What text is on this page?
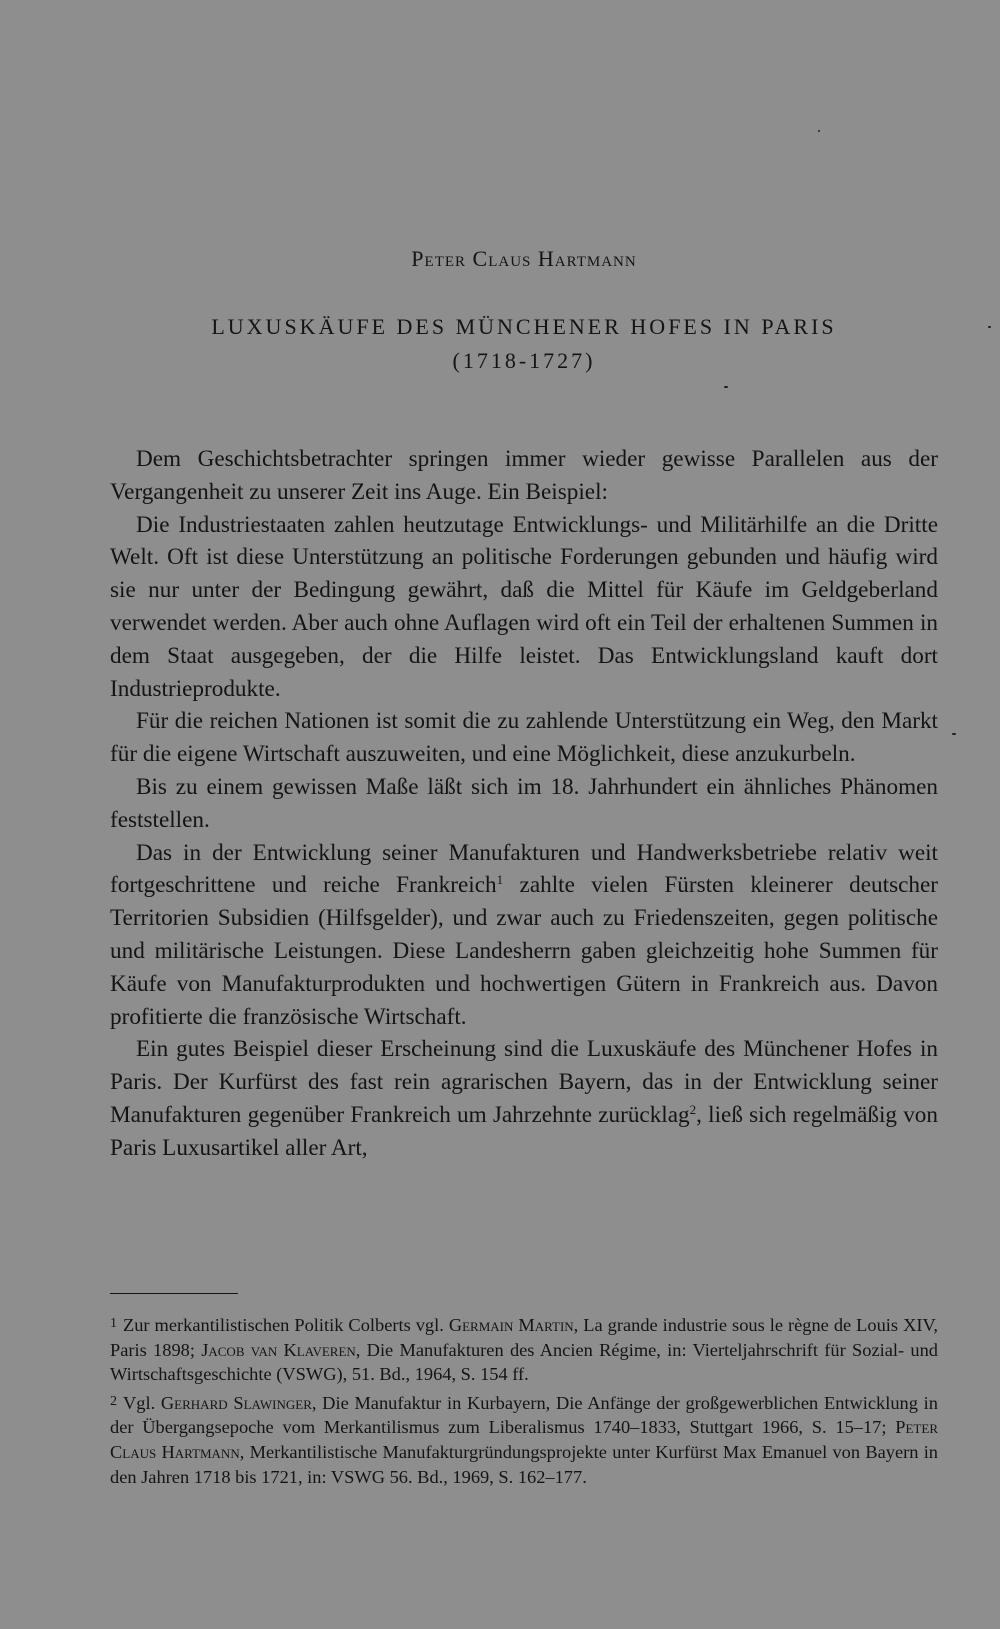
Peter Claus Hartmann
LUXUSKÄUFE DES MÜNCHENER HOFES IN PARIS
(1718-1727)

Dem Geschichtsbetrachter springen immer wieder gewisse Parallelen aus der Vergangenheit zu unserer Zeit ins Auge. Ein Beispiel:

Die Industriestaaten zahlen heutzutage Entwicklungs- und Militärhilfe an die Dritte Welt. Oft ist diese Unterstützung an politische Forderungen gebunden und häufig wird sie nur unter der Bedingung gewährt, daß die Mittel für Käufe im Geldgeberland verwendet werden. Aber auch ohne Auflagen wird oft ein Teil der erhaltenen Summen in dem Staat ausgegeben, der die Hilfe leistet. Das Entwicklungsland kauft dort Industrieprodukte.

Für die reichen Nationen ist somit die zu zahlende Unterstützung ein Weg, den Markt für die eigene Wirtschaft auszuweiten, und eine Möglichkeit, diese anzukurbeln.

Bis zu einem gewissen Maße läßt sich im 18. Jahrhundert ein ähnliches Phänomen feststellen.

Das in der Entwicklung seiner Manufakturen und Handwerksbetriebe relativ weit fortgeschrittene und reiche Frankreich$^1$ zahlte vielen Fürsten kleinerer deutscher Territorien Subsidien (Hilfsgelder), und zwar auch zu Friedenszeiten, gegen politische und militärische Leistungen. Diese Landesherrn gaben gleichzeitig hohe Summen für Käufe von Manufakturprodukten und hochwertigen Gütern in Frankreich aus. Davon profitierte die französische Wirtschaft.

Ein gutes Beispiel dieser Erscheinung sind die Luxuskäufe des Münchener Hofes in Paris. Der Kurfürst des fast rein agrarischen Bayern, das in der Entwicklung seiner Manufakturen gegenüber Frankreich um Jahrzehnte zurücklag$^2$, ließ sich regelmäßig von Paris Luxusartikel aller Art,

$^1$ Zur merkantilistischen Politik Colberts vgl. Germain Martin, La grande industrie sous le règne de Louis XIV, Paris 1898; Jacob van Klaveren, Die Manufakturen des Ancien Régime, in: Vierteljahrschrift für Sozial- und Wirtschaftsgeschichte (VSWG), 51. Bd., 1964, S. 154 ff.

$^2$ Vgl. Gerhard Slawinger, Die Manufaktur in Kurbayern, Die Anfänge der großgewerblichen Entwicklung in der Übergangsepoche vom Merkantilismus zum Liberalismus 1740–1833, Stuttgart 1966, S. 15–17; Peter Claus Hartmann, Merkantilistische Manufakturgründungsprojekte unter Kurfürst Max Emanuel von Bayern in den Jahren 1718 bis 1721, in: VSWG 56. Bd., 1969, S. 162–177.
